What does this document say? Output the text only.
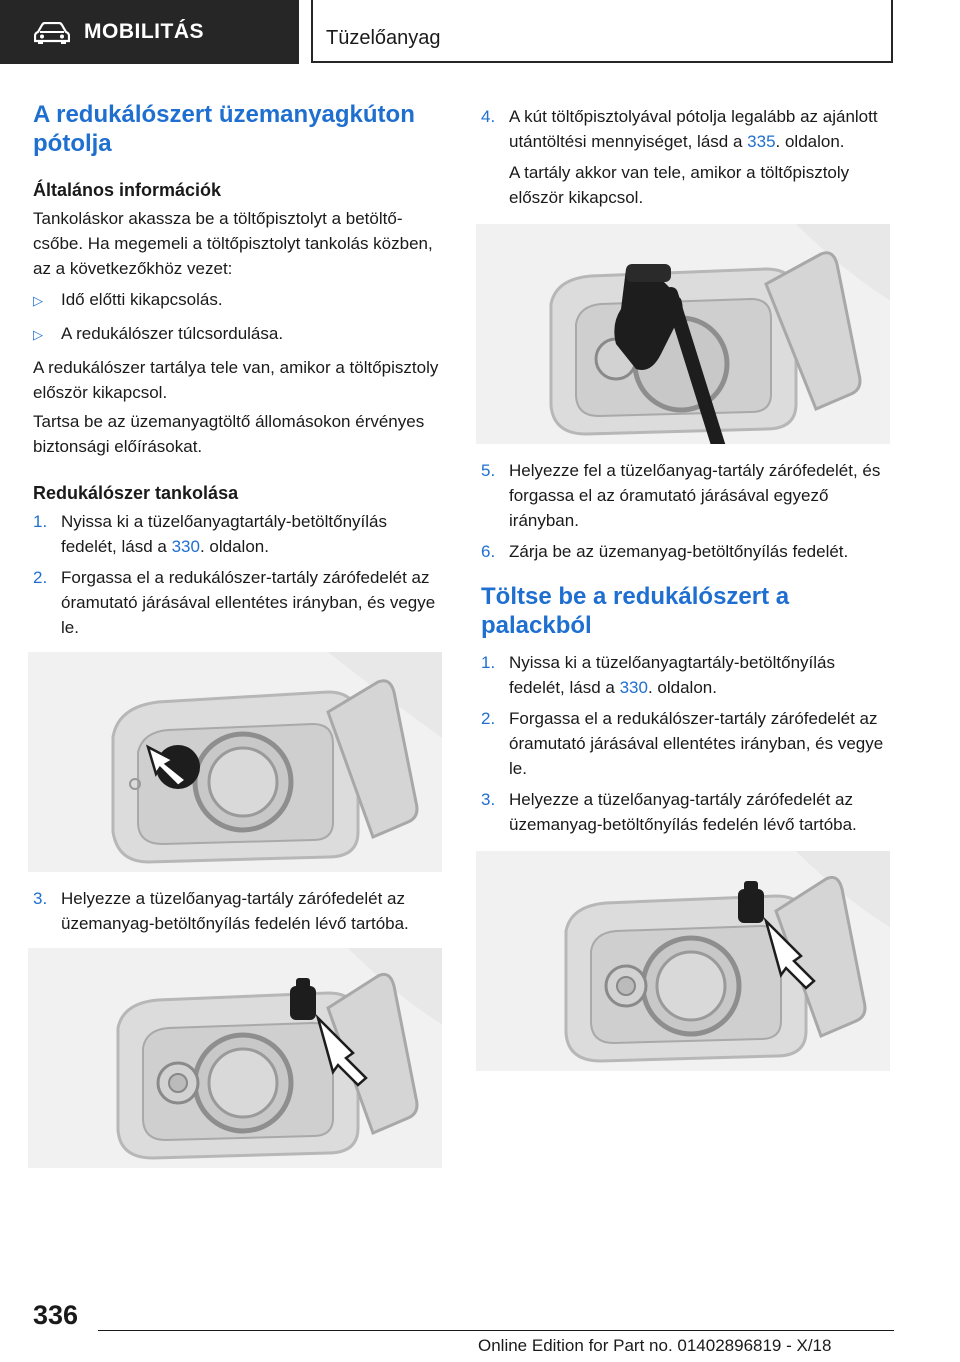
MOBILITÁS	Tüzelőanyag
A redukálószert üzemanyagkúton pótolja
Általános információk

Tankoláskor akassza be a töltőpisztolyt a betöltőcsőbe. Ha megemeli a töltőpisztolyt tankolás közben, az a következőkhöz vezet:

▷	Idő előtti kikapcsolás.
▷	A redukálószer túlcsordulása.

A redukálószer tartálya tele van, amikor a töltőpisztoly először kikapcsol.

Tartsa be az üzemanyagtöltő állomásokon érvényes biztonsági előírásokat.

Redukálószer tankolása
1. Nyissa ki a tüzelőanyagtartály-betöltőnyílás fedelét, lásd a 330. oldalon.
2. Forgassa el a redukálószer-tartály zárófedelét az óramutató járásával ellentétes irányban, és vegye le.
3. Helyezze a tüzelőanyag-tartály zárófedelét az üzemanyag-betöltőnyílás fedelén lévő tartóba.
4. A kút töltőpisztolyával pótolja legalább az ajánlott utántöltési mennyiséget, lásd a 335. oldalon.
A tartály akkor van tele, amikor a töltőpisztoly először kikapcsol.
5. Helyezze fel a tüzelőanyag-tartály zárófedelét, és forgassa el az óramutató járásával egyező irányban.
6. Zárja be az üzemanyag-betöltőnyílás fedelét.
Töltse be a redukálószert a palackból
1. Nyissa ki a tüzelőanyagtartály-betöltőnyílás fedelét, lásd a 330. oldalon.
2. Forgassa el a redukálószer-tartály zárófedelét az óramutató járásával ellentétes irányban, és vegye le.
3. Helyezze a tüzelőanyag-tartály zárófedelét az üzemanyag-betöltőnyílás fedelén lévő tartóba.
336
Online Edition for Part no. 01402896819 - X/18
